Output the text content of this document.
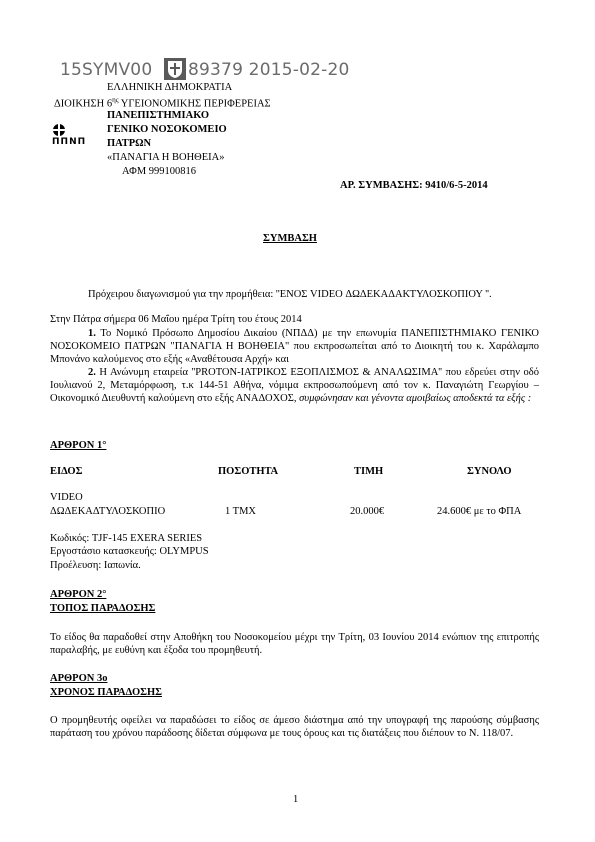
15SYMV00 89379 2015-02-20
ΕΛΛΗΝΙΚΗ ΔΗΜΟΚΡΑΤΙΑ
ΔΙΟΙΚΗΣΗ $6^{\eta\varsigma}$ ΥΓΕΙΟΝΟΜΙΚΗΣ ΠΕΡΙΦΕΡΕΙΑΣ
ΠΠΝΠ
ΠΑΝΕΠΙΣΤΗΜΙΑΚΟ
ΓΕΝΙΚΟ ΝΟΣΟΚΟΜΕΙΟ
ΠΑΤΡΩΝ
«ΠΑΝΑΓΙΑ Η ΒΟΗΘΕΙΑ»
ΑΦΜ 999100816
ΑΡ. ΣΥΜΒΑΣΗΣ: 9410/6-5-2014
ΣΥΜΒΑΣΗ
Πρόχειρου διαγωνισμού για την προμήθεια: ''ΕΝΟΣ VIDEO ΔΩΔΕΚΑΔΑΚΤΥΛΟΣΚΟΠΙΟΥ ''.
Στην Πάτρα σήμερα 06 Μαΐου ημέρα Τρίτη του έτους 2014
1. Το Νομικό Πρόσωπο Δημοσίου Δικαίου (ΝΠΔΔ) με την επωνυμία ΠΑΝΕΠΙΣΤΗΜΙΑΚΟ ΓΕΝΙΚΟ ΝΟΣΟΚΟΜΕΙΟ ΠΑΤΡΩΝ "ΠΑΝΑΓΙΑ Η ΒΟΗΘΕΙΑ" που εκπροσωπείται από το Διοικητή του κ. Χαράλαμπο Μπονάνο καλούμενος στο εξής «Αναθέτουσα Αρχή» και
2. Η Ανώνυμη εταιρεία ''PROTON-ΙΑΤΡΙΚΟΣ ΕΞΟΠΛΙΣΜΟΣ & ΑΝΑΛΩΣΙΜΑ'' που εδρεύει στην οδό Ιουλιανού 2, Μεταμόρφωση, τ.κ 144-51 Αθήνα, νόμιμα εκπροσωπούμενη από τον κ. Παναγιώτη Γεωργίου – Οικονομικό Διευθυντή καλούμενη στο εξής ΑΝΑΔΟΧΟΣ, συμφώνησαν και γένοντα αμοιβαίως αποδεκτά τα εξής :
ΑΡΘΡΟΝ 1°
ΕΙΔΟΣ	ΠΟΣΟΤΗΤΑ	ΤΙΜΗ	ΣΥΝΟΛΟ
VIDEO
ΔΩΔΕΚΑΔΤΥΛΟΣΚΟΠΙΟ	1 ΤΜΧ	20.000€	24.600€ με το ΦΠΑ
Κωδικός: TJF-145 EXERA SERIES
Εργοστάσιο κατασκευής: OLYMPUS
Προέλευση: Ιαπωνία.
ΑΡΘΡΟΝ 2°
ΤΟΠΟΣ ΠΑΡΑΔΟΣΗΣ
Το είδος θα παραδοθεί στην Αποθήκη του Νοσοκομείου μέχρι την Τρίτη, 03 Ιουνίου 2014 ενώπιον της επιτροπής παραλαβής, με ευθύνη και έξοδα του προμηθευτή.
ΑΡΘΡΟΝ 3ο
ΧΡΟΝΟΣ ΠΑΡΑΔΟΣΗΣ
Ο προμηθευτής οφείλει να παραδώσει το είδος σε άμεσο διάστημα από την υπογραφή της παρούσης σύμβασης παράταση του χρόνου παράδοσης δίδεται σύμφωνα με τους όρους και τις διατάξεις που διέπουν το Ν. 118/07.
1
